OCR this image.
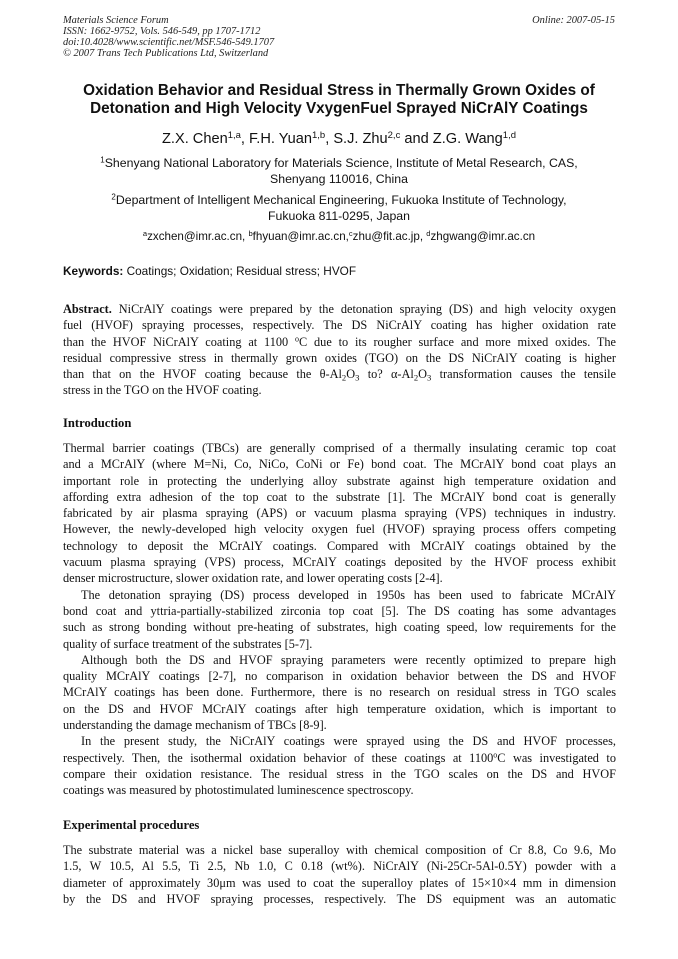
Materials Science Forum
ISSN: 1662-9752, Vols. 546-549, pp 1707-1712
doi:10.4028/www.scientific.net/MSF.546-549.1707
© 2007 Trans Tech Publications Ltd, Switzerland
Online: 2007-05-15
Oxidation Behavior and Residual Stress in Thermally Grown Oxides of
Detonation and High Velocity VxygenFuel Sprayed NiCrAlY Coatings
Z.X. Chen$^{1,a}$, F.H. Yuan$^{1,b}$, S.J. Zhu$^{2,c}$ and Z.G. Wang$^{1,d}$
$^1$Shenyang National Laboratory for Materials Science, Institute of Metal Research, CAS,
Shenyang 110016, China
$^2$Department of Intelligent Mechanical Engineering, Fukuoka Institute of Technology,
Fukuoka 811-0295, Japan
$^a$zxchen@imr.ac.cn, $^b$fhyuan@imr.ac.cn,$^c$zhu@fit.ac.jp, $^d$zhgwang@imr.ac.cn
Keywords: Coatings; Oxidation; Residual stress; HVOF
Abstract. NiCrAlY coatings were prepared by the detonation spraying (DS) and high velocity oxygen
fuel (HVOF) spraying processes, respectively. The DS NiCrAlY coating has higher oxidation rate
than the HVOF NiCrAlY coating at 1100 $^o$C due to its rougher surface and more mixed oxides. The
residual compressive stress in thermally grown oxides (TGO) on the DS NiCrAlY coating is higher
than that on the HVOF coating because the $\theta-Al_2O_3$ to? $\alpha-Al_2O_3$ transformation causes the tensile
stress in the TGO on the HVOF coating.
Introduction
Thermal barrier coatings (TBCs) are generally comprised of a thermally insulating ceramic top coat
and a MCrAlY (where M=Ni, Co, NiCo, CoNi or Fe) bond coat. The MCrAlY bond coat plays an
important role in protecting the underlying alloy substrate against high temperature oxidation and
affording extra adhesion of the top coat to the substrate [1]. The MCrAlY bond coat is generally
fabricated by air plasma spraying (APS) or vacuum plasma spraying (VPS) techniques in industry.
However, the newly-developed high velocity oxygen fuel (HVOF) spraying process offers competing
technology to deposit the MCrAlY coatings. Compared with MCrAlY coatings obtained by the
vacuum plasma spraying (VPS) process, MCrAlY coatings deposited by the HVOF process exhibit
denser microstructure, slower oxidation rate, and lower operating costs [2-4].
The detonation spraying (DS) process developed in 1950s has been used to fabricate MCrAlY
bond coat and yttria-partially-stabilized zirconia top coat [5]. The DS coating has some advantages
such as strong bonding without pre-heating of substrates, high coating speed, low requirements for the
quality of surface treatment of the substrates [5-7].
Although both the DS and HVOF spraying parameters were recently optimized to prepare high
quality MCrAlY coatings [2-7], no comparison in oxidation behavior between the DS and HVOF
MCrAlY coatings has been done. Furthermore, there is no research on residual stress in TGO scales
on the DS and HVOF MCrAlY coatings after high temperature oxidation, which is important to
understanding the damage mechanism of TBCs [8-9].
In the present study, the NiCrAlY coatings were sprayed using the DS and HVOF processes,
respectively. Then, the isothermal oxidation behavior of these coatings at 1100$^o$C was investigated to
compare their oxidation resistance. The residual stress in the TGO scales on the DS and HVOF
coatings was measured by photostimulated luminescence spectroscopy.
Experimental procedures
The substrate material was a nickel base superalloy with chemical composition of Cr 8.8, Co 9.6, Mo
1.5, W 10.5, Al 5.5, Ti 2.5, Nb 1.0, C 0.18 (wt%). NiCrAlY (Ni-25Cr-5Al-0.5Y) powder with a
diameter of approximately 30μm was used to coat the superalloy plates of 15×10×4 mm in dimension
by the DS and HVOF spraying processes, respectively. The DS equipment was an automatic
